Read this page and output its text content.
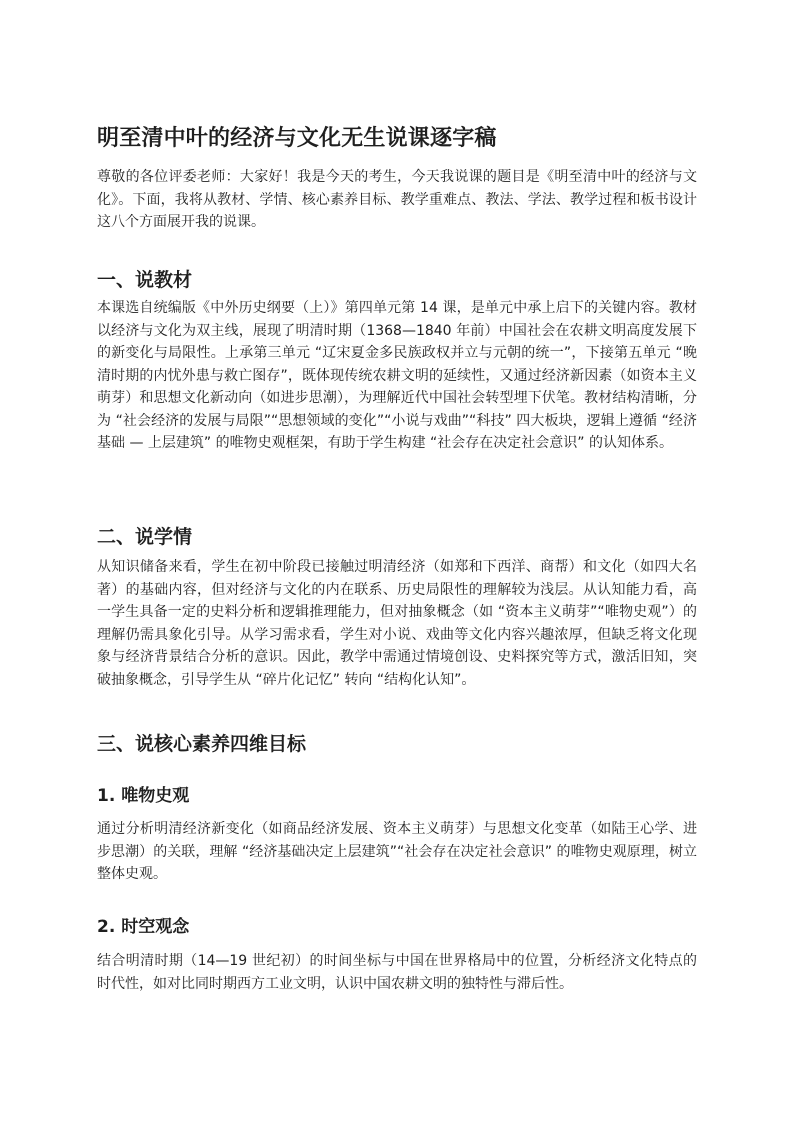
明至清中叶的经济与文化无生说课逐字稿

尊敬的各位评委老师：大家好！我是今天的考生，今天我说课的题目是《明至清中叶的经济与文化》。下面，我将从教材、学情、核心素养目标、教学重难点、教法、学法、教学过程和板书设计这八个方面展开我的说课。

一、说教材

本课选自统编版《中外历史纲要（上）》第四单元第 14 课，是单元中承上启下的关键内容。教材以经济与文化为双主线，展现了明清时期（1368—1840 年前）中国社会在农耕文明高度发展下的新变化与局限性。上承第三单元 “辽宋夏金多民族政权并立与元朝的统一”，下接第五单元 “晚清时期的内忧外患与救亡图存”，既体现传统农耕文明的延续性，又通过经济新因素（如资本主义萌芽）和思想文化新动向（如进步思潮），为理解近代中国社会转型埋下伏笔。教材结构清晰，分为 “社会经济的发展与局限”“思想领域的变化”“小说与戏曲”“科技” 四大板块，逻辑上遵循 “经济基础 — 上层建筑” 的唯物史观框架，有助于学生构建 “社会存在决定社会意识” 的认知体系。

二、说学情

从知识储备来看，学生在初中阶段已接触过明清经济（如郑和下西洋、商帮）和文化（如四大名著）的基础内容，但对经济与文化的内在联系、历史局限性的理解较为浅层。从认知能力看，高一学生具备一定的史料分析和逻辑推理能力，但对抽象概念（如 “资本主义萌芽”“唯物史观”）的理解仍需具象化引导。从学习需求看，学生对小说、戏曲等文化内容兴趣浓厚，但缺乏将文化现象与经济背景结合分析的意识。因此，教学中需通过情境创设、史料探究等方式，激活旧知，突破抽象概念，引导学生从 “碎片化记忆” 转向 “结构化认知”。

三、说核心素养四维目标
1. 唯物史观

通过分析明清经济新变化（如商品经济发展、资本主义萌芽）与思想文化变革（如陆王心学、进步思潮）的关联，理解 “经济基础决定上层建筑”“社会存在决定社会意识” 的唯物史观原理，树立整体史观。

2. 时空观念

结合明清时期（14—19 世纪初）的时间坐标与中国在世界格局中的位置，分析经济文化特点的时代性，如对比同时期西方工业文明，认识中国农耕文明的独特性与滞后性。
